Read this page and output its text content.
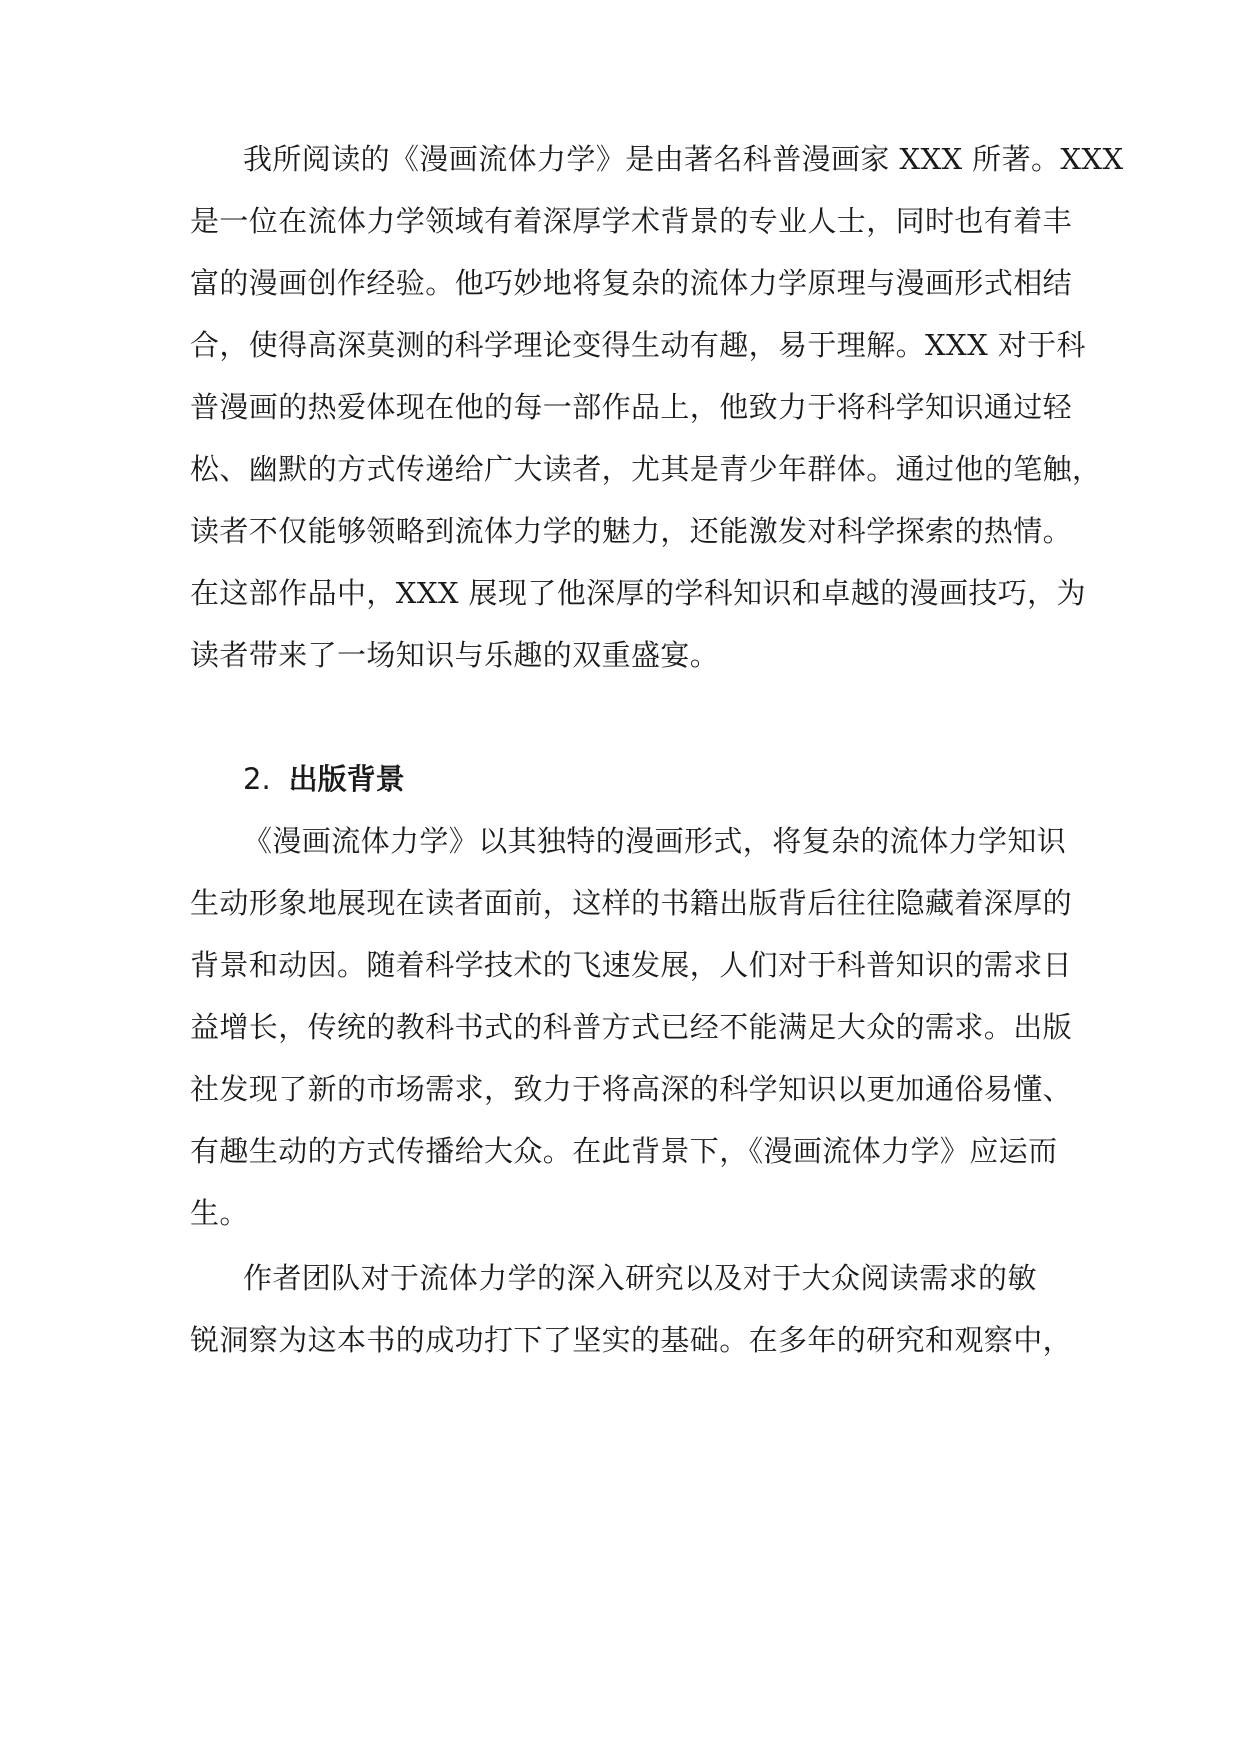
我所阅读的《漫画流体力学》是由著名科普漫画家 XXX 所著。XXX

是一位在流体力学领域有着深厚学术背景的专业人士，同时也有着丰

富的漫画创作经验。他巧妙地将复杂的流体力学原理与漫画形式相结

合，使得高深莫测的科学理论变得生动有趣，易于理解。XXX 对于科

普漫画的热爱体现在他的每一部作品上，他致力于将科学知识通过轻

松、幽默的方式传递给广大读者，尤其是青少年群体。通过他的笔触，

读者不仅能够领略到流体力学的魅力，还能激发对科学探索的热情。

在这部作品中，XXX 展现了他深厚的学科知识和卓越的漫画技巧，为

读者带来了一场知识与乐趣的双重盛宴。

2. 出版背景

《漫画流体力学》以其独特的漫画形式，将复杂的流体力学知识

生动形象地展现在读者面前，这样的书籍出版背后往往隐藏着深厚的

背景和动因。随着科学技术的飞速发展，人们对于科普知识的需求日

益增长，传统的教科书式的科普方式已经不能满足大众的需求。出版

社发现了新的市场需求，致力于将高深的科学知识以更加通俗易懂、

有趣生动的方式传播给大众。在此背景下，《漫画流体力学》应运而

生。

作者团队对于流体力学的深入研究以及对于大众阅读需求的敏

锐洞察为这本书的成功打下了坚实的基础。在多年的研究和观察中，
